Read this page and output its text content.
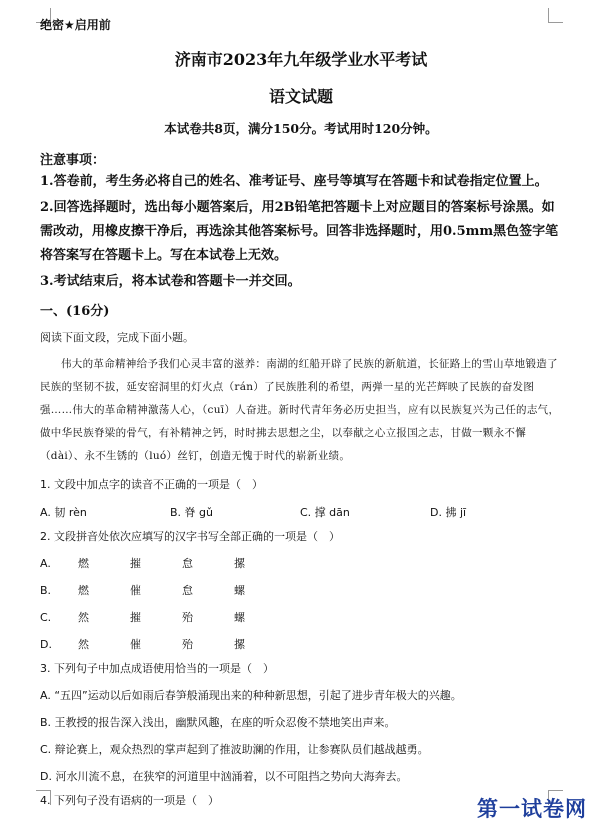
绝密★启用前
济南市2023年九年级学业水平考试
语文试题
本试卷共8页，满分150分。考试用时120分钟。
注意事项：
1.答卷前，考生务必将自己的姓名、准考证号、座号等填写在答题卡和试卷指定位置上。
2.回答选择题时，选出每小题答案后，用2B铅笔把答题卡上对应题目的答案标号涂黑。如需改动，用橡皮擦干净后，再选涂其他答案标号。回答非选择题时，用0.5mm黑色签字笔将答案写在答题卡上。写在本试卷上无效。
3.考试结束后，将本试卷和答题卡一并交回。
一、(16分)
阅读下面文段，完成下面小题。
伟大的革命精神给予我们心灵丰富的滋养：南湖的红船开辟了民族的新航道，长征路上的雪山草地锻造了民族的坚韧不拔，延安窑洞里的灯火点（rán）了民族胜利的希望，两弹一星的光芒辉映了民族的奋发图强……伟大的革命精神激荡人心，（cuī）人奋进。新时代青年务必历史担当，应有以民族复兴为己任的志气，做中华民族脊梁的骨气，有补精神之钙，时时拂去思想之尘，以奉献之心立报国之志，甘做一颗永不懈（dài）、永不生锈的（luó）丝钉，创造无愧于时代的崭新业绩。
1. 文段中加点字的读音不正确的一项是（　）
A. 韧 rèn	B. 脊 gǔ	C. 撑 dān	D. 拂 jī
2. 文段拼音处依次应填写的汉字书写全部正确的一项是（　）
A. 燃	摧	怠	摞
B. 燃	催	怠	螺
C. 然	摧	殆	螺
D. 然	催	殆	摞
3. 下列句子中加点成语使用恰当的一项是（　）
A. “五四”运动以后如雨后春笋般涌现出来的种种新思想，引起了进步青年极大的兴趣。
B. 王教授的报告深入浅出，幽默风趣，在座的听众忍俊不禁地笑出声来。
C. 辩论赛上，观众热烈的掌声起到了推波助澜的作用，让参赛队员们越战越勇。
D. 河水川流不息，在狭窄的河道里中汹涌着，以不可阻挡之势向大海奔去。
4. 下列句子没有语病的一项是（　）	第一试卷网
